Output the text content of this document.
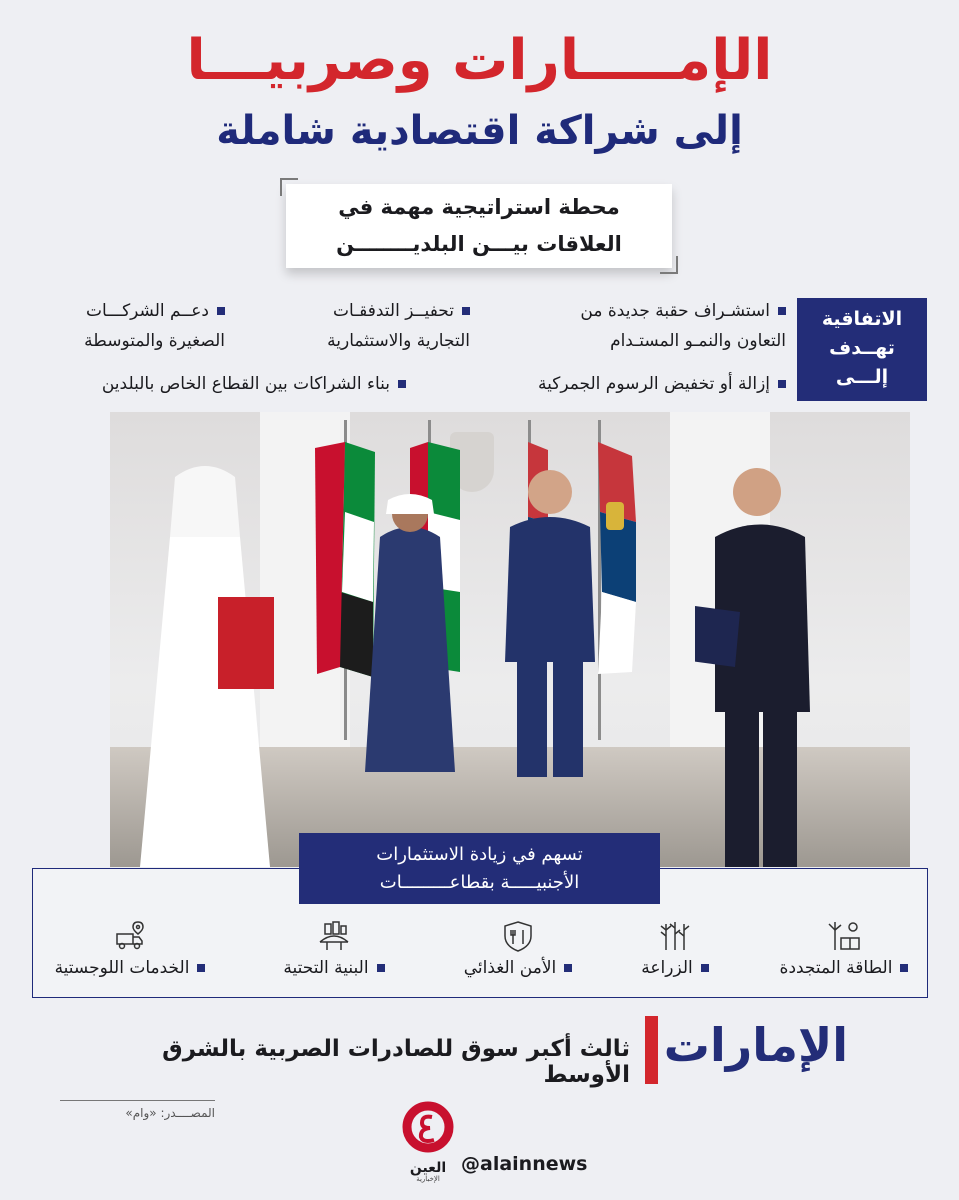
الإمـــــارات وصربيـــا
إلى شراكة اقتصادية شاملة
محطة استراتيجية مهمة في
العلاقات بيـــن البلديــــــــن
الاتفاقية
تهــدف
إلـــى
استشـراف حقبة جديدة من
التعاون والنمـو المستـدام
تحفيــز التدفقـات
التجارية والاستثمارية
دعــم الشركـــات
الصغيرة والمتوسطة
إزالة أو تخفيض الرسوم الجمركية
بناء الشراكات بين القطاع الخاص بالبلدين
تسهم في زيادة الاستثمارات
الأجنبيـــــة بقطاعـــــــــات
الطاقة المتجددة
الزراعة
الأمن الغذائي
البنية التحتية
الخدمات اللوجستية
الإمارات
ثالث أكبر سوق للصادرات الصربية بالشرق الأوسط
المصــــدر: «وام»
العين
الإخبارية
@alainnews
